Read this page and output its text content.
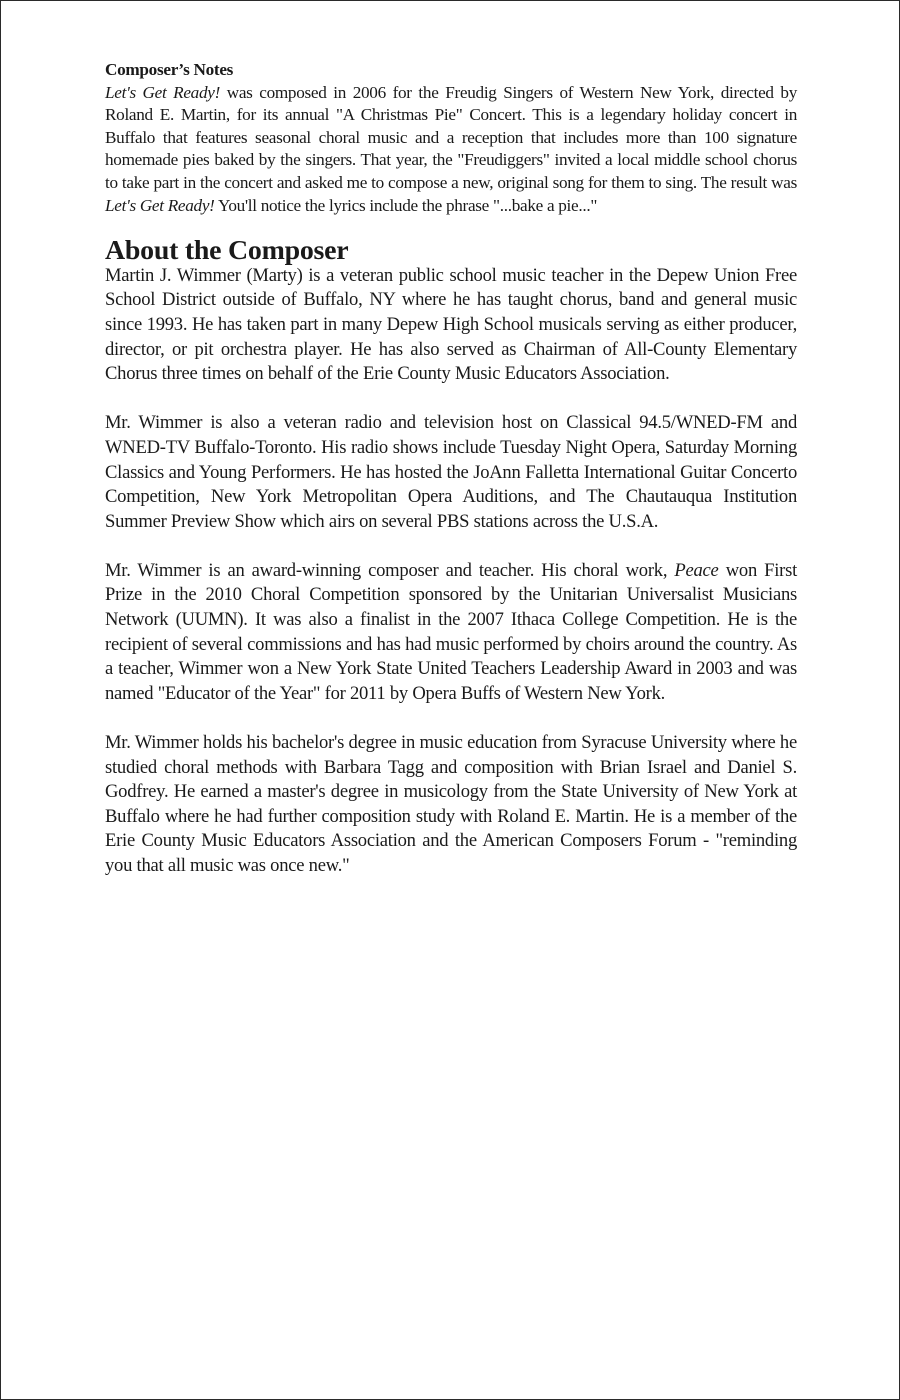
Composer’s Notes

Let's Get Ready! was composed in 2006 for the Freudig Singers of Western New York, directed by Roland E. Martin, for its annual "A Christmas Pie" Concert. This is a legendary holiday concert in Buffalo that features seasonal choral music and a reception that includes more than 100 signature homemade pies baked by the singers. That year, the "Freudiggers" invited a local middle school chorus to take part in the concert and asked me to compose a new, original song for them to sing. The result was Let's Get Ready! You'll notice the lyrics include the phrase "...bake a pie..."

About the Composer

Martin J. Wimmer (Marty) is a veteran public school music teacher in the Depew Union Free School District outside of Buffalo, NY where he has taught chorus, band and general music since 1993. He has taken part in many Depew High School musicals serving as either producer, director, or pit orchestra player. He has also served as Chairman of All-County Elementary Chorus three times on behalf of the Erie County Music Educators Association.

Mr. Wimmer is also a veteran radio and television host on Classical 94.5/WNED-FM and WNED-TV Buffalo-Toronto. His radio shows include Tuesday Night Opera, Saturday Morning Classics and Young Performers. He has hosted the JoAnn Falletta International Guitar Concerto Competition, New York Metropolitan Opera Auditions, and The Chautauqua Institution Summer Preview Show which airs on several PBS stations across the U.S.A.

Mr. Wimmer is an award-winning composer and teacher. His choral work, Peace won First Prize in the 2010 Choral Competition sponsored by the Unitarian Universalist Musicians Network (UUMN). It was also a finalist in the 2007 Ithaca College Competition. He is the recipient of several commissions and has had music performed by choirs around the country. As a teacher, Wimmer won a New York State United Teachers Leadership Award in 2003 and was named "Educator of the Year" for 2011 by Opera Buffs of Western New York.

Mr. Wimmer holds his bachelor's degree in music education from Syracuse University where he studied choral methods with Barbara Tagg and composition with Brian Israel and Daniel S. Godfrey. He earned a master's degree in musicology from the State University of New York at Buffalo where he had further composition study with Roland E. Martin. He is a member of the Erie County Music Educators Association and the American Composers Forum - "reminding you that all music was once new."
